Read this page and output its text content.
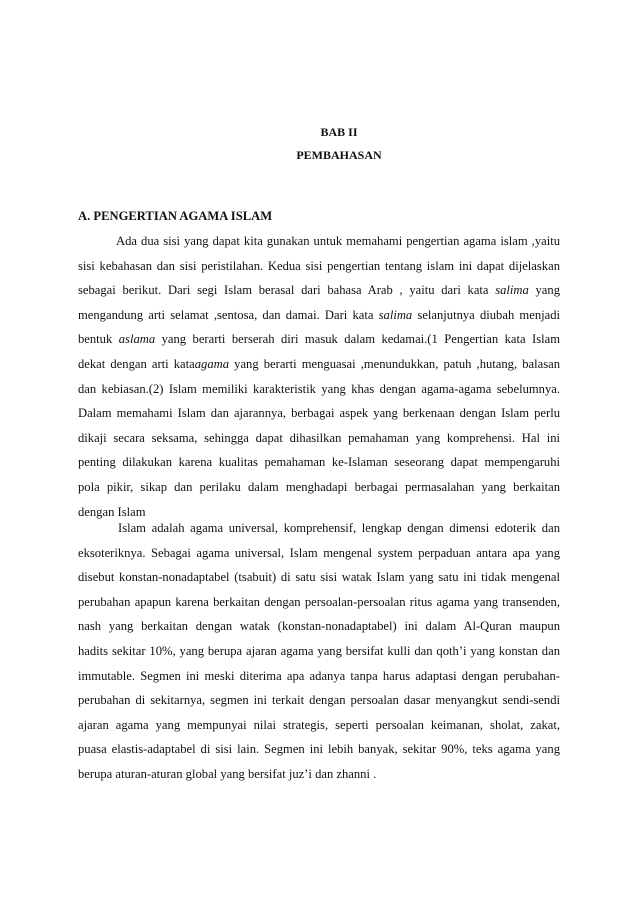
BAB II
PEMBAHASAN
A. PENGERTIAN AGAMA ISLAM

Ada dua sisi yang dapat kita gunakan untuk memahami pengertian agama islam ,yaitu
sisi kebahasan dan sisi peristilahan. Kedua sisi pengertian tentang islam ini dapat dijelaskan
sebagai berikut. Dari segi Islam berasal dari bahasa Arab , yaitu dari kata salima yang
mengandung arti selamat ,sentosa, dan damai. Dari kata salima selanjutnya diubah menjadi
bentuk aslama yang berarti berserah diri masuk dalam kedamai.(1 Pengertian kata Islam
dekat dengan arti kataagama yang berarti menguasai ,menundukkan, patuh ,hutang, balasan
dan kebiasan.(2) Islam memiliki karakteristik yang khas dengan agama-agama sebelumnya.
Dalam memahami Islam dan ajarannya, berbagai aspek yang berkenaan dengan Islam perlu
dikaji secara seksama, sehingga dapat dihasilkan pemahaman yang komprehensi. Hal ini
penting dilakukan karena kualitas pemahaman ke-Islaman seseorang dapat mempengaruhi
pola pikir, sikap dan perilaku dalam menghadapi berbagai permasalahan yang berkaitan
dengan Islam

Islam adalah agama universal, komprehensif, lengkap dengan dimensi edoterik dan
eksoteriknya. Sebagai agama universal, Islam mengenal system perpaduan antara apa yang
disebut konstan-nonadaptabel (tsabuit) di satu sisi watak Islam yang satu ini tidak mengenal
perubahan apapun karena berkaitan dengan persoalan-persoalan ritus agama yang transenden,
nash yang berkaitan dengan watak (konstan-nonadaptabel) ini dalam Al-Quran maupun
hadits sekitar 10%, yang berupa ajaran agama yang bersifat kulli dan qoth’i yang konstan dan
immutable. Segmen ini meski diterima apa adanya tanpa harus adaptasi dengan perubahan-
perubahan di sekitarnya, segmen ini terkait dengan persoalan dasar menyangkut sendi-sendi
ajaran agama yang mempunyai nilai strategis, seperti persoalan keimanan, sholat, zakat,
puasa elastis-adaptabel di sisi lain. Segmen ini lebih banyak, sekitar 90%, teks agama yang
berupa aturan-aturan global yang bersifat juz’i dan zhanni .
